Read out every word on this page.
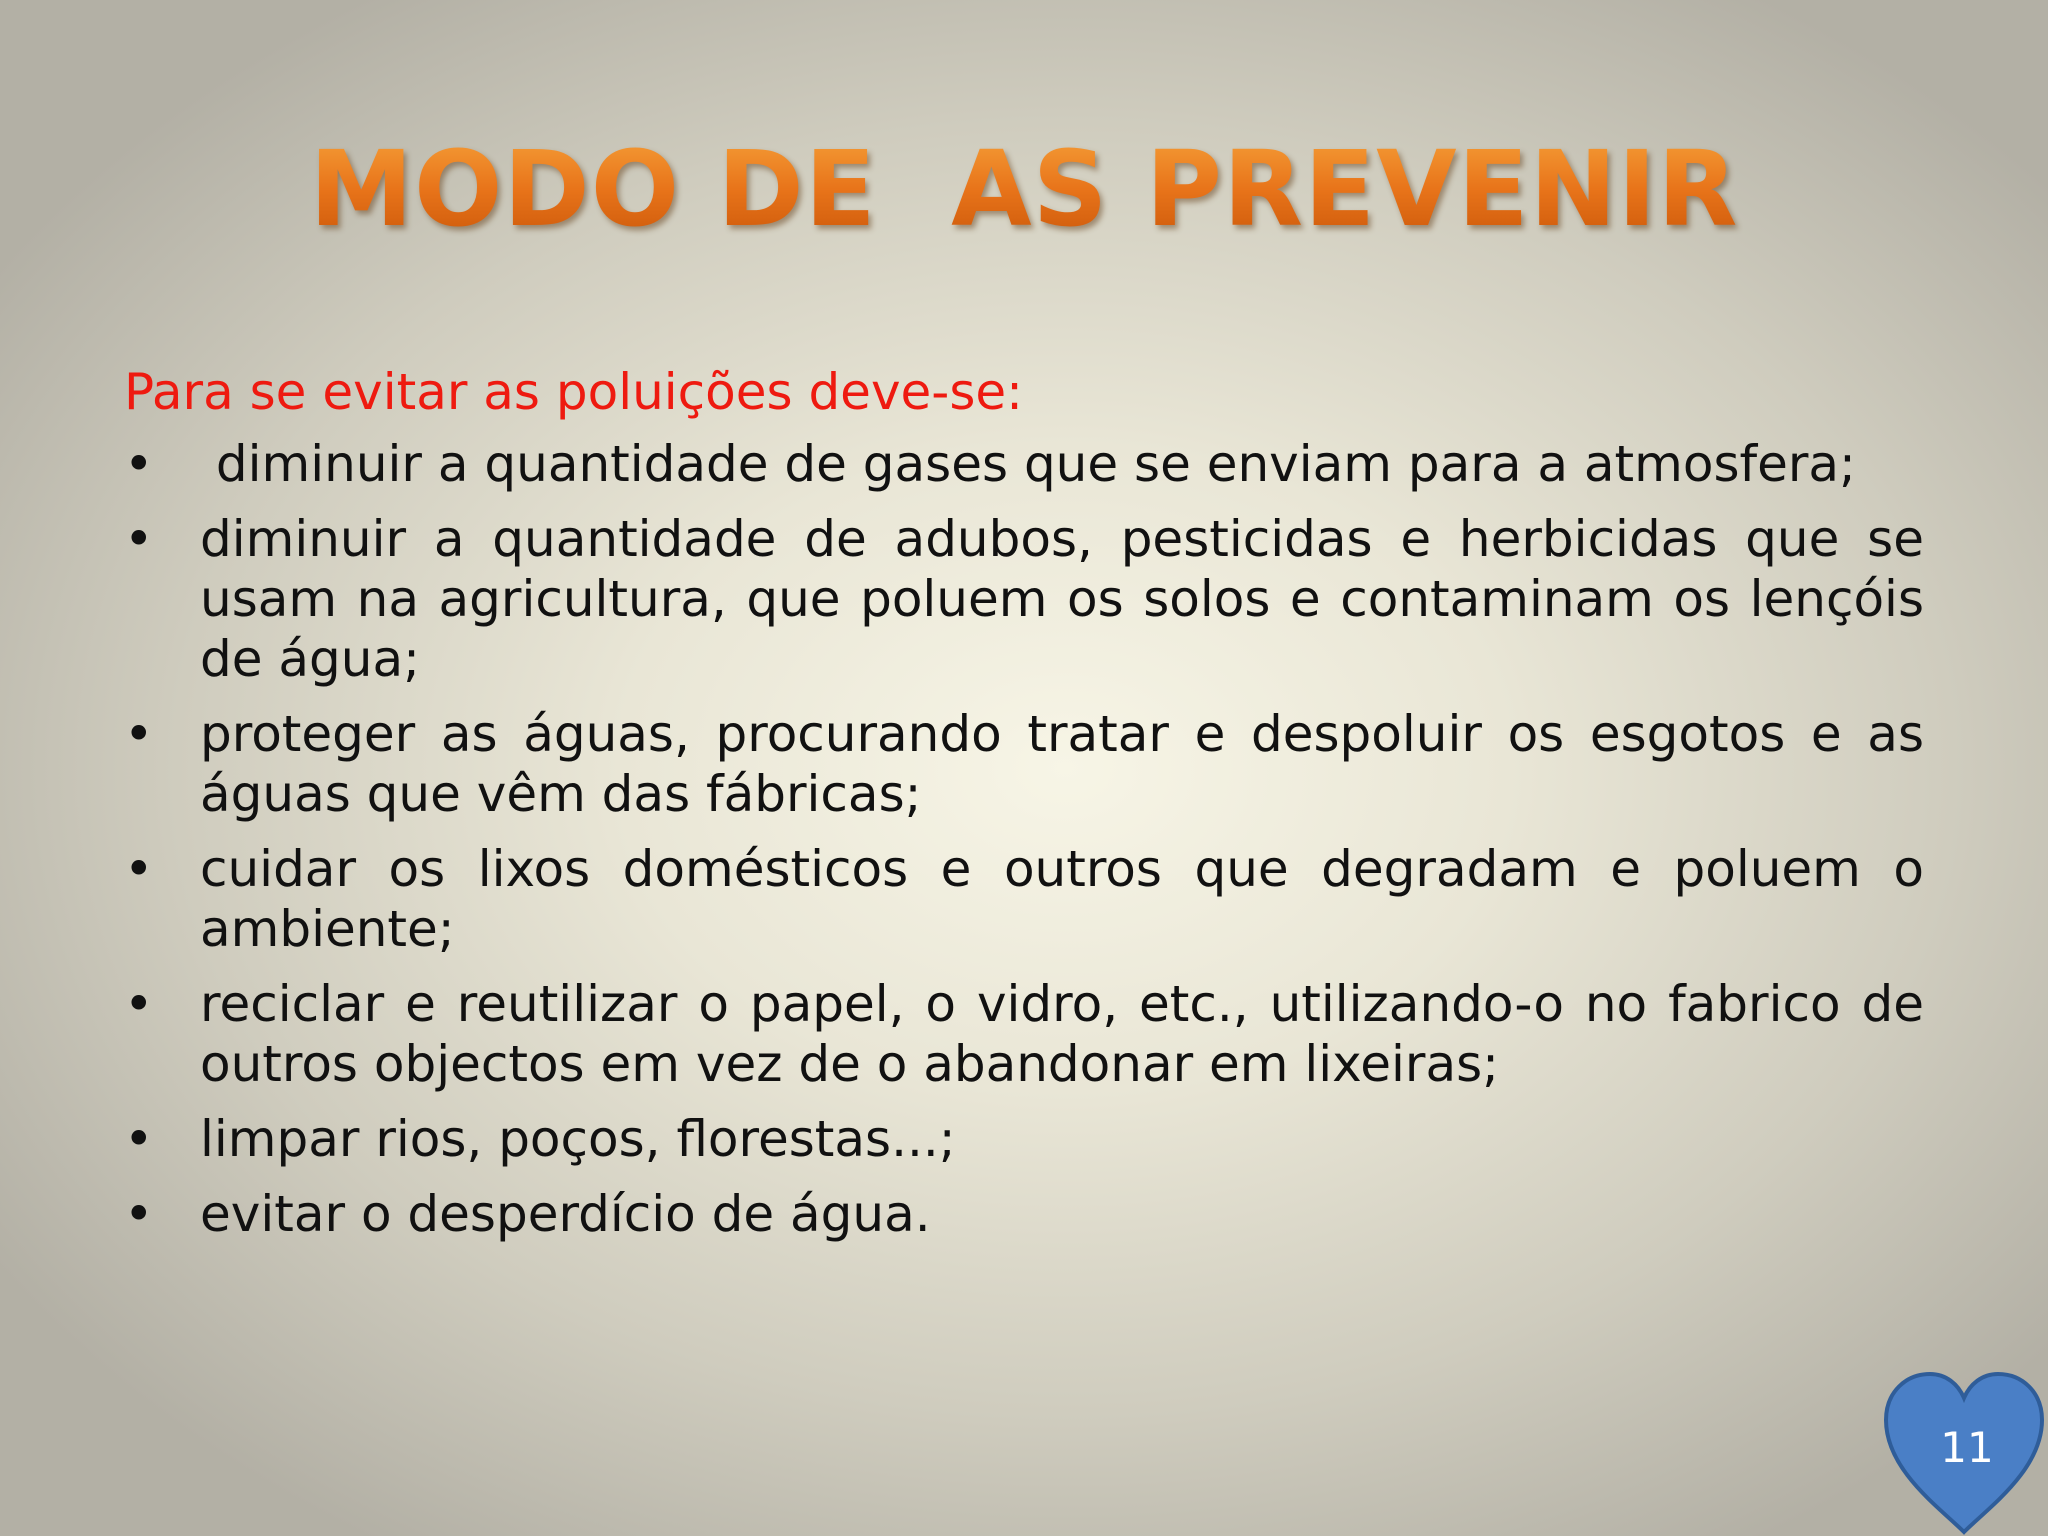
MODO DE  AS PREVENIR

Para se evitar as poluições deve-se:

• diminuir a quantidade de gases que se enviam para a atmosfera;
• diminuir a quantidade de adubos, pesticidas e herbicidas que se usam na agricultura, que poluem os solos e contaminam os lençóis de água;
• proteger as águas, procurando tratar e despoluir os esgotos e as águas que vêm das fábricas;
• cuidar os lixos domésticos e outros que degradam e poluem o ambiente;
• reciclar e reutilizar o papel, o vidro, etc., utilizando-o no fabrico de outros objectos em vez de o abandonar em lixeiras;
• limpar rios, poços, florestas...;
• evitar o desperdício de água.
11
